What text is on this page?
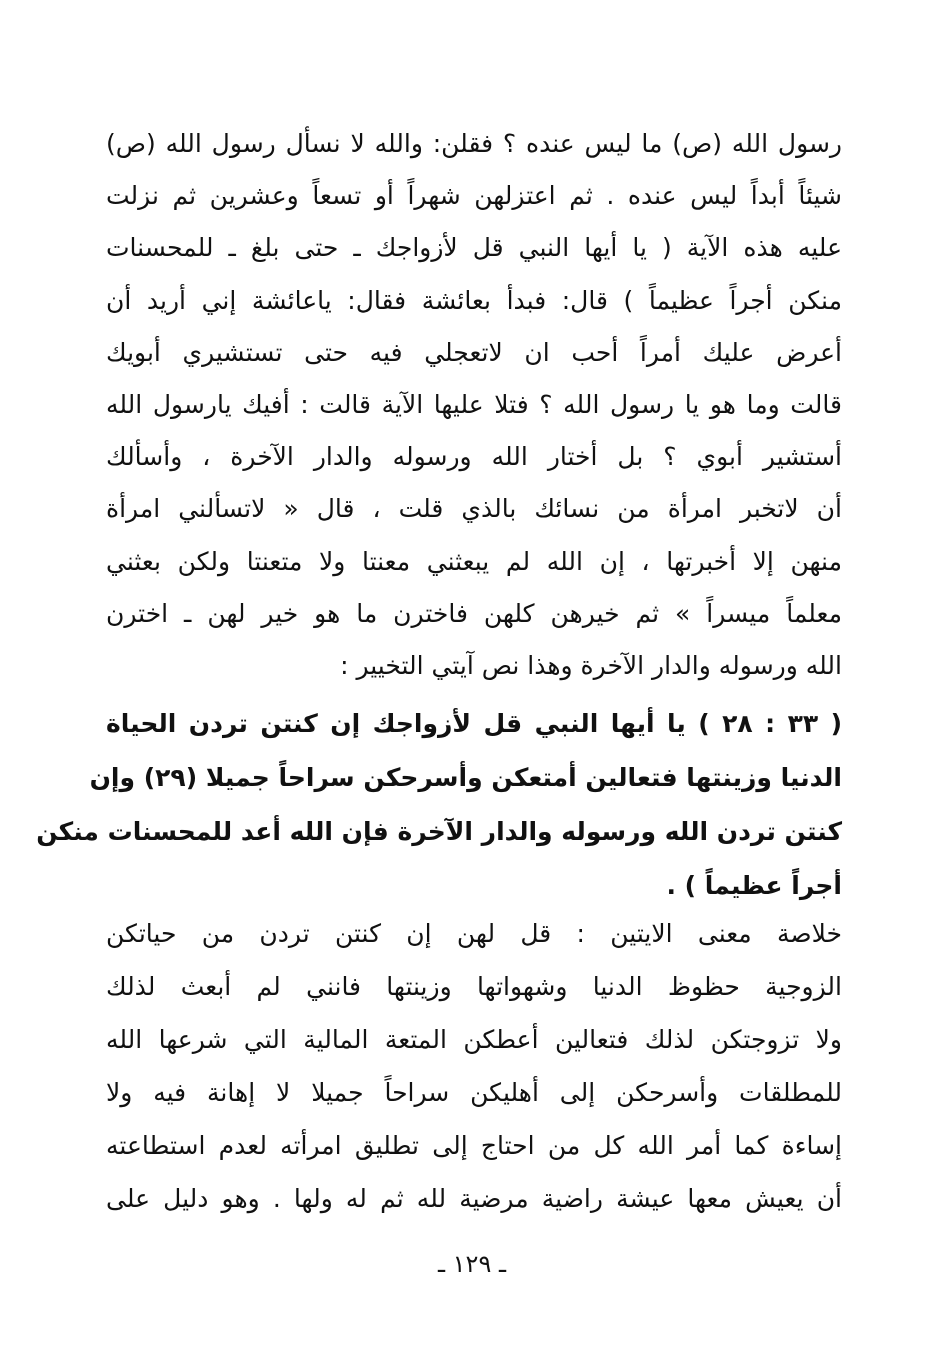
رسول الله (ص) ما ليس عنده ؟ فقلن: والله لا نسأل رسول الله (ص)
شيئاً أبداً ليس عنده . ثم اعتزلهن شهراً أو تسعاً وعشرين ثم نزلت
عليه هذه الآية ( يا أيها النبي قل لأزواجك ـ حتى بلغ ـ للمحسنات
منكن أجراً عظيماً ) قال: فبدأ بعائشة فقال: ياعائشة إني أريد أن
أعرض عليك أمراً أحب ان لاتعجلي فيه حتى تستشيري أبويك
قالت وما هو يا رسول الله ؟ فتلا عليها الآية قالت : أفيك يارسول الله
أستشير أبوي ؟ بل أختار الله ورسوله والدار الآخرة ، وأسألك
أن لاتخبر امرأة من نسائك بالذي قلت ، قال « لاتسألني امرأة
منهن إلا أخبرتها ، إن الله لم يبعثني معنتا ولا متعنتا ولكن بعثني
معلماً ميسراً » ثم خيرهن كلهن فاخترن ما هو خير لهن ـ اخترن
الله ورسوله والدار الآخرة وهذا نص آيتي التخيير :
( ٣٣ : ٢٨ ) يا أيها النبي قل لأزواجك إن كنتن تردن الحياة
الدنيا وزينتها فتعالين أمتعكن وأسرحكن سراحاً جميلا (٢٩) وإن
كنتن تردن الله ورسوله والدار الآخرة فإن الله أعد للمحسنات منكن
أجراً عظيماً ) .
خلاصة معنى الايتين : قل لهن إن كنتن تردن من حياتكن
الزوجية حظوظ الدنيا وشهواتها وزينتها فانني لم أبعث لذلك
ولا تزوجتكن لذلك فتعالين أعطكن المتعة المالية التي شرعها الله
للمطلقات وأسرحكن إلى أهليكن سراحاً جميلا لا إهانة فيه ولا
إساءة كما أمر الله كل من احتاج إلى تطليق امرأته لعدم استطاعته
أن يعيش معها عيشة راضية مرضية لله ثم له ولها . وهو دليل على
ـ ١٢٩ ـ
